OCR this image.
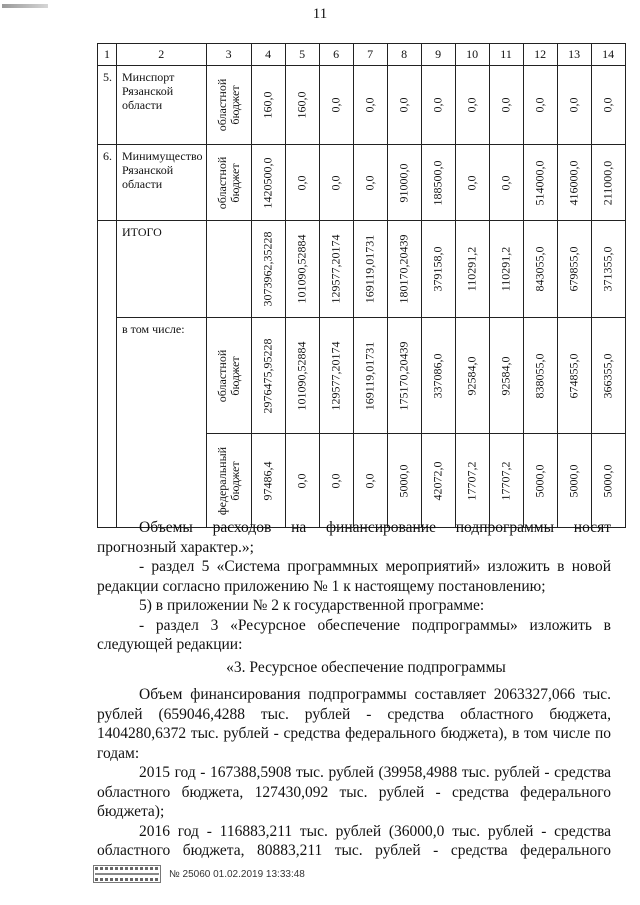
11
1	2	3	4	5	6	7	8	9	10	11	12	13	14
5.	Минспорт Рязанской области	областной бюджет	160,0	160,0	0,0	0,0	0,0	0,0	0,0	0,0	0,0	0,0	0,0

6.	Минимущество Рязанской области	областной бюджет	1420500,0	0,0	0,0	0,0	91000,0	188500,0	0,0	0,0	514000,0	416000,0	211000,0

	ИТОГО		3073962,35228	101090,52884	129577,20174	169119,01731	180170,20439	379158,0	110291,2	110291,2	843055,0	679855,0	371355,0

	в том числе:	областной бюджет	2976475,95228	101090,52884	129577,20174	169119,01731	175170,20439	337086,0	92584,0	92584,0	838055,0	674855,0	366355,0

		федеральный бюджет	97486,4	0,0	0,0	0,0	5000,0	42072,0	17707,2	17707,2	5000,0	5000,0	5000,0
Объемы расходов на финансирование подпрограммы носят
прогнозный характер.»;
- раздел 5 «Система программных мероприятий» изложить в новой
редакции согласно приложению № 1 к настоящему постановлению;
5) в приложении № 2 к государственной программе:
- раздел 3 «Ресурсное обеспечение подпрограммы» изложить в
следующей редакции:
«3. Ресурсное обеспечение подпрограммы
Объем финансирования подпрограммы составляет 2063327,066 тыс.
рублей (659046,4288 тыс. рублей - средства областного бюджета,
1404280,6372 тыс. рублей - средства федерального бюджета), в том числе по
годам:
2015 год - 167388,5908 тыс. рублей (39958,4988 тыс. рублей - средства
областного бюджета, 127430,092 тыс. рублей - средства федерального
бюджета);
2016 год - 116883,211 тыс. рублей (36000,0 тыс. рублей - средства
областного бюджета, 80883,211 тыс. рублей - средства федерального
№ 25060 01.02.2019 13:33:48
